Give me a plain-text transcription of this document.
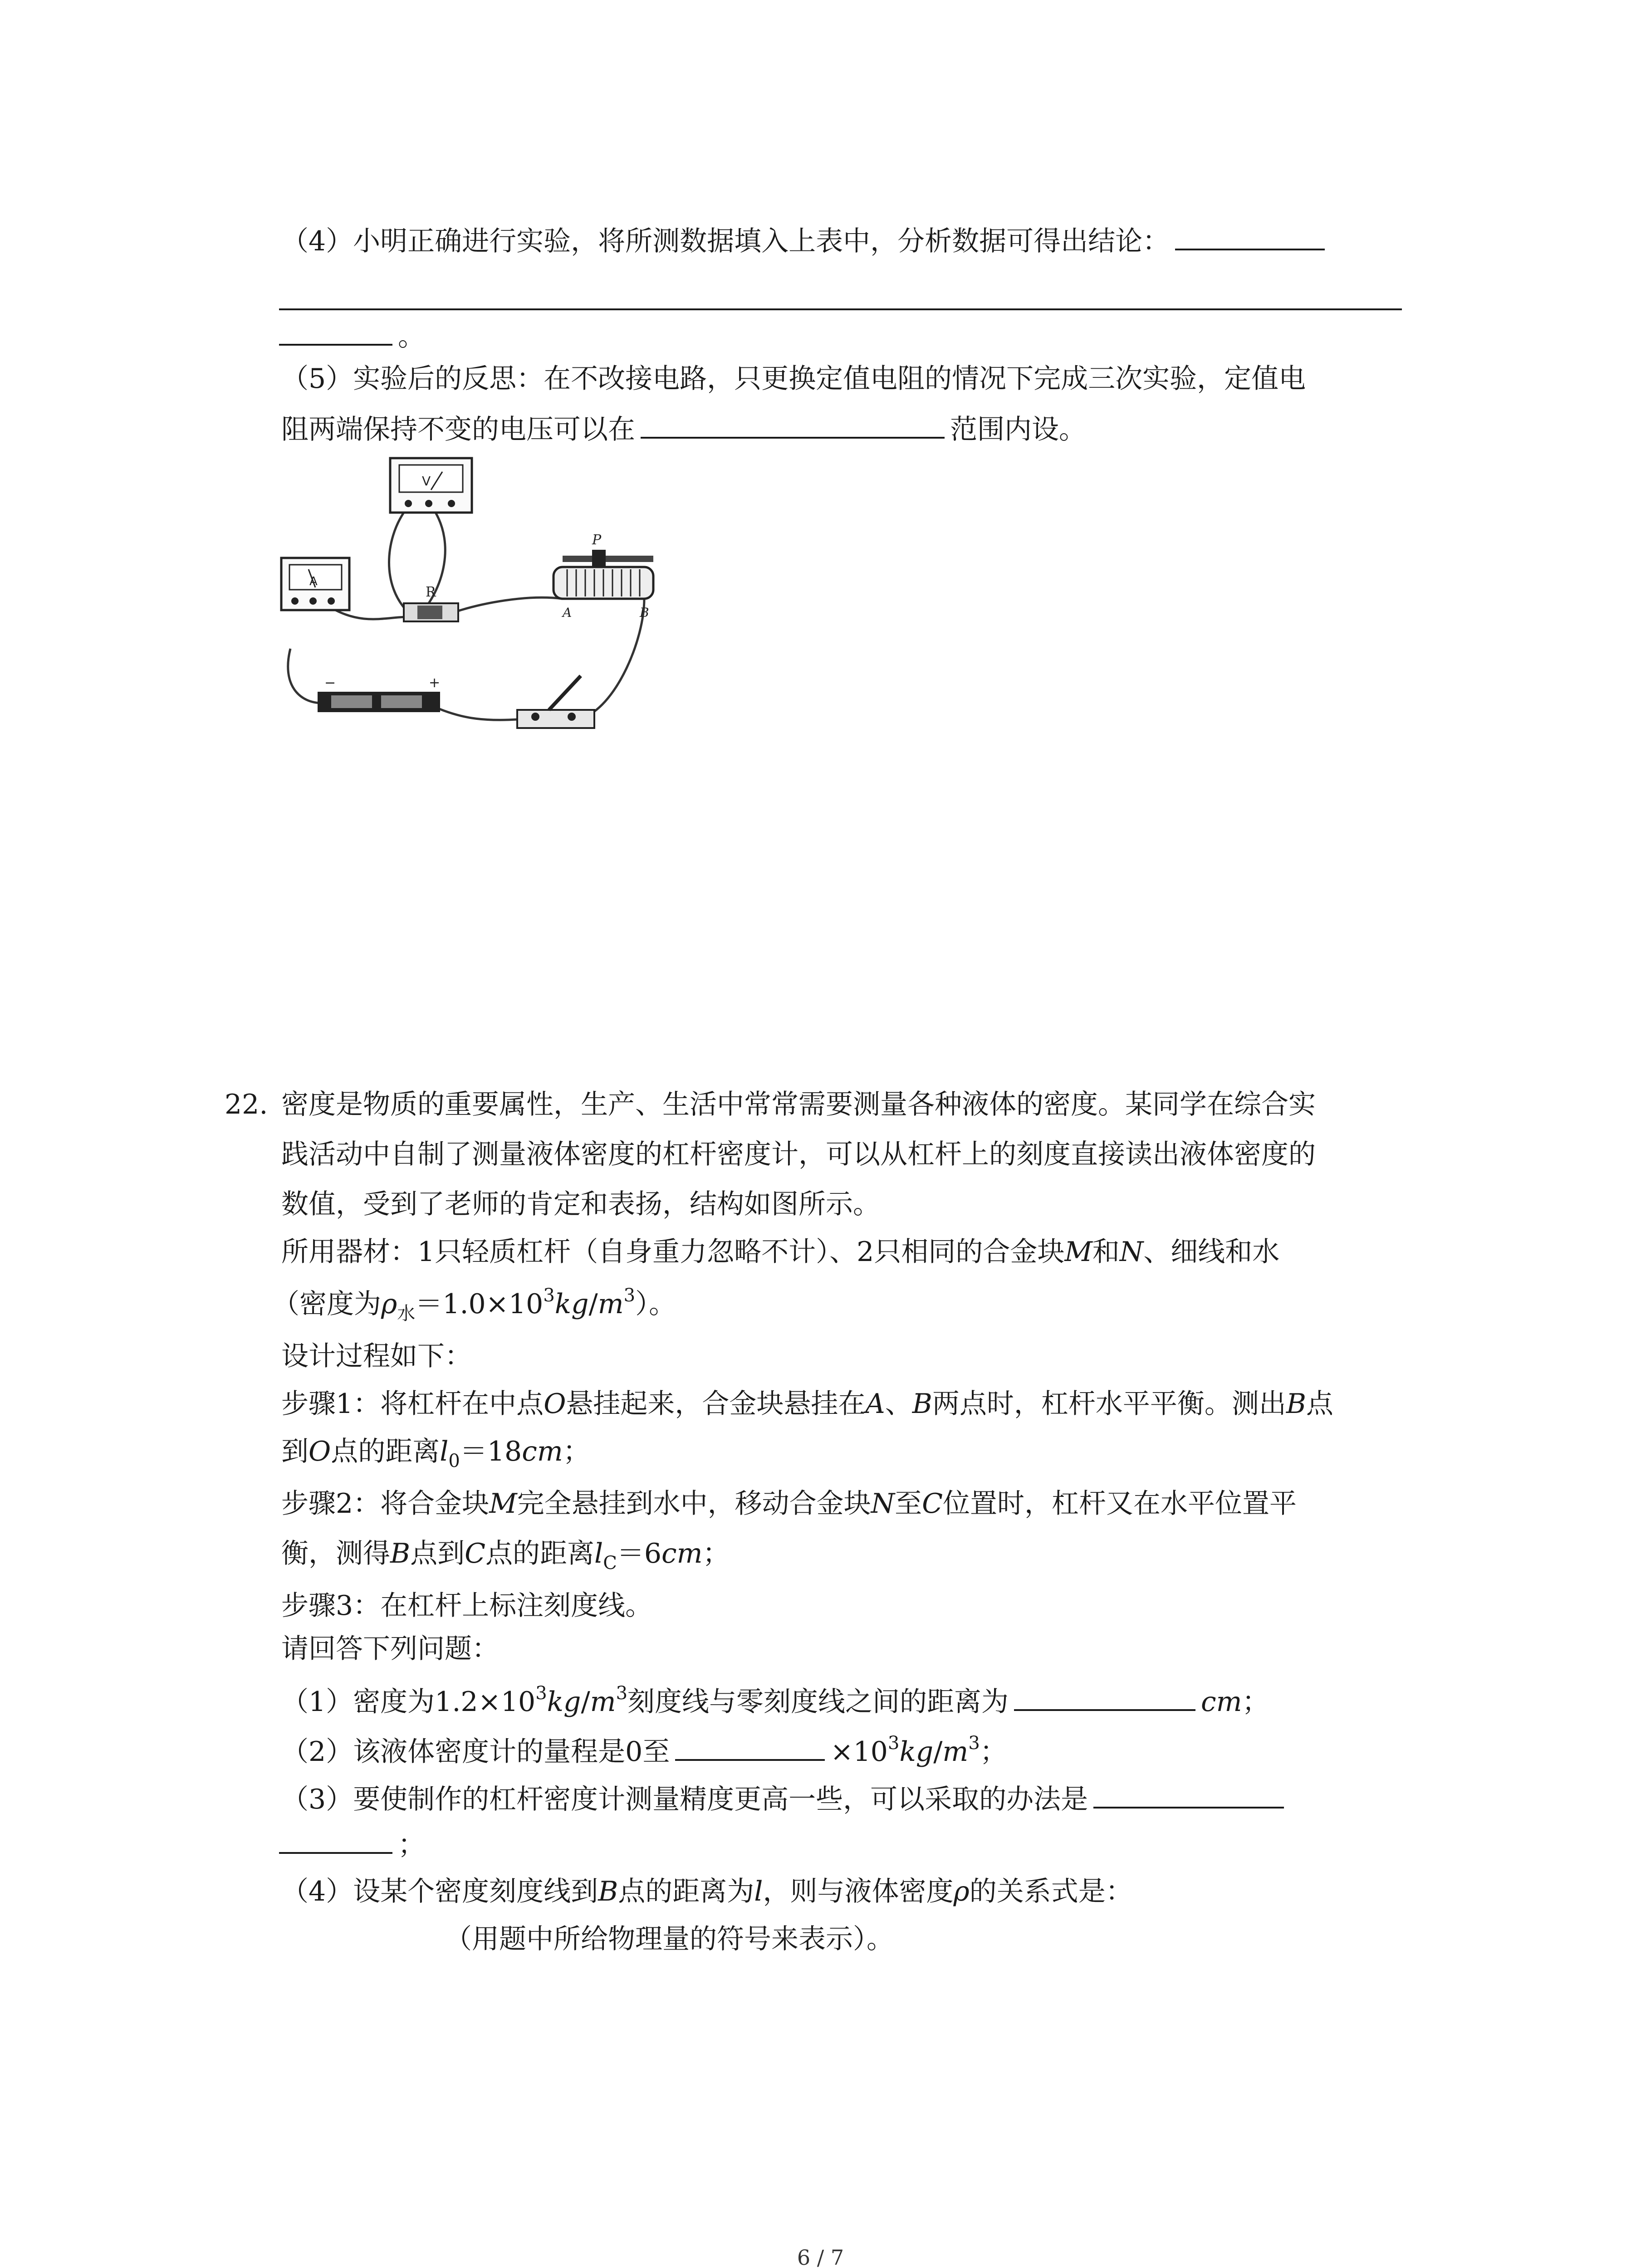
（4）小明正确进行实验，将所测数据填入上表中，分析数据可得出结论：
。
（5）实验后的反思：在不改接电路，只更换定值电阻的情况下完成三次实验，定值电
阻两端保持不变的电压可以在	范围内设。
V
A
R
P
A	B
−	+
22. 密度是物质的重要属性，生产、生活中常常需要测量各种液体的密度。某同学在综合实
践活动中自制了测量液体密度的杠杆密度计，可以从杠杆上的刻度直接读出液体密度的
数值，受到了老师的肯定和表扬，结构如图所示。
所用器材：1只轻质杠杆（自身重力忽略不计）、2只相同的合金块M和N、细线和水
（密度为$\rho_水=1.0\times 10^3kg/m^3$）。
设计过程如下：
步骤1：将杠杆在中点O悬挂起来，合金块悬挂在A、B两点时，杠杆水平平衡。测出B点
到O点的距离$l_0=18cm$；
步骤2：将合金块M完全悬挂到水中，移动合金块N至C位置时，杠杆又在水平位置平
衡，测得B点到C点的距离$l_C=6cm$；
步骤3：在杠杆上标注刻度线。
请回答下列问题：
（1）密度为$1.2\times 10^3kg/m^3$刻度线与零刻度线之间的距离为	cm；
（2）该液体密度计的量程是0至	$\times 10^3kg/m^3$；
（3）要使制作的杠杆密度计测量精度更高一些，可以采取的办法是
；
（4）设某个密度刻度线到B点的距离为l，则与液体密度ρ的关系式是：
（用题中所给物理量的符号来表示）。
6 / 7
